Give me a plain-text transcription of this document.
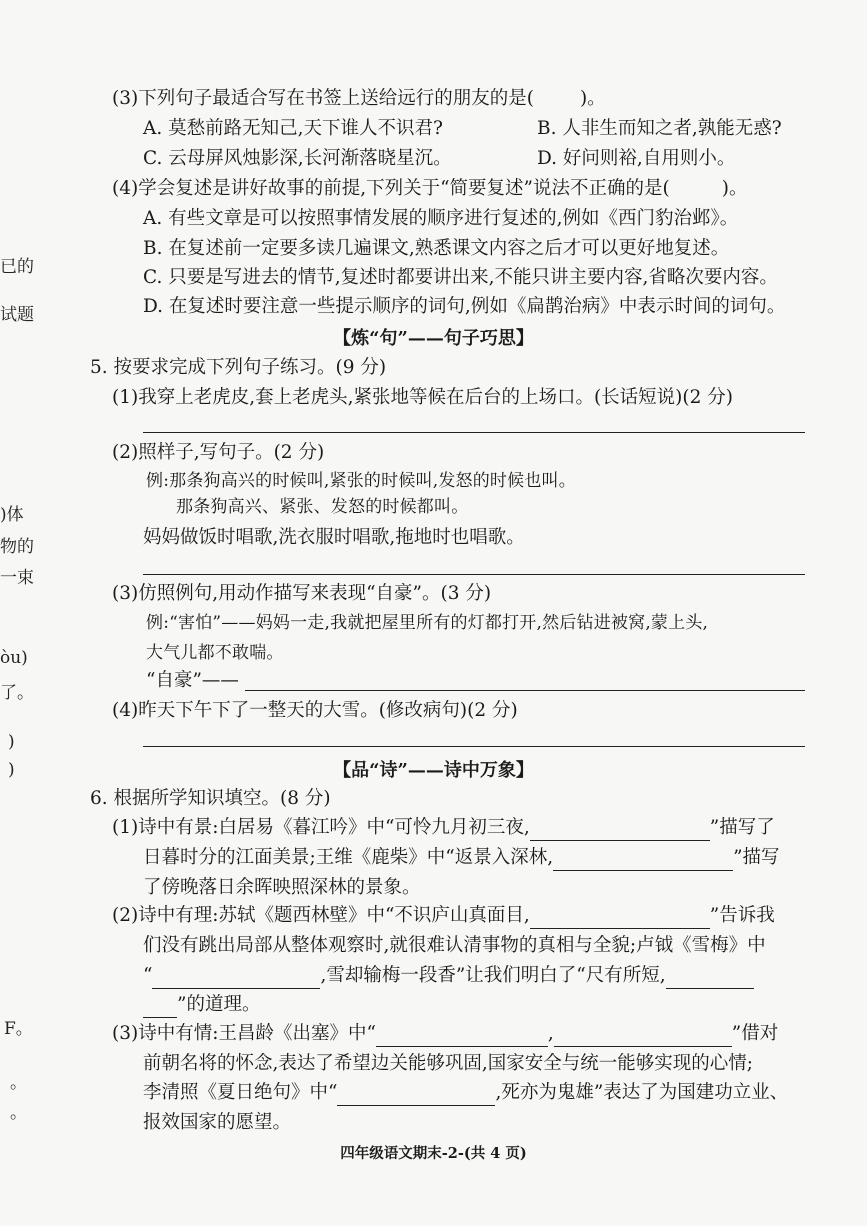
已的
试题
)体
物的
一束
òu)
了。
)
)
F。
。
。
(3)下列句子最适合写在书签上送给远行的朋友的是( )。
A. 莫愁前路无知己,天下谁人不识君?	B. 人非生而知之者,孰能无惑?
C. 云母屏风烛影深,长河渐落晓星沉。	D. 好问则裕,自用则小。
(4)学会复述是讲好故事的前提,下列关于“简要复述”说法不正确的是(	)。
A. 有些文章是可以按照事情发展的顺序进行复述的,例如《西门豹治邺》。
B. 在复述前一定要多读几遍课文,熟悉课文内容之后才可以更好地复述。
C. 只要是写进去的情节,复述时都要讲出来,不能只讲主要内容,省略次要内容。
D. 在复述时要注意一些提示顺序的词句,例如《扁鹊治病》中表示时间的词句。
【炼“句”——句子巧思】
5. 按要求完成下列句子练习。(9 分)
(1)我穿上老虎皮,套上老虎头,紧张地等候在后台的上场口。(长话短说)(2 分)
(2)照样子,写句子。(2 分)
例:那条狗高兴的时候叫,紧张的时候叫,发怒的时候也叫。
那条狗高兴、紧张、发怒的时候都叫。
妈妈做饭时唱歌,洗衣服时唱歌,拖地时也唱歌。
(3)仿照例句,用动作描写来表现“自豪”。(3 分)
例:“害怕”——妈妈一走,我就把屋里所有的灯都打开,然后钻进被窝,蒙上头,
大气儿都不敢喘。
“自豪”——
(4)昨天下午下了一整天的大雪。(修改病句)(2 分)
【品“诗”——诗中万象】
6. 根据所学知识填空。(8 分)
(1)诗中有景:白居易《暮江吟》中“可怜九月初三夜,	”描写了
日暮时分的江面美景;王维《鹿柴》中“返景入深林,	”描写
了傍晚落日余晖映照深林的景象。
(2)诗中有理:苏轼《题西林壁》中“不识庐山真面目,	”告诉我
们没有跳出局部从整体观察时,就很难认清事物的真相与全貌;卢钺《雪梅》中
“	,雪却输梅一段香”让我们明白了“尺有所短,
”的道理。
(3)诗中有情:王昌龄《出塞》中“	,	”借对
前朝名将的怀念,表达了希望边关能够巩固,国家安全与统一能够实现的心情;
李清照《夏日绝句》中“	,死亦为鬼雄”表达了为国建功立业、
报效国家的愿望。
四年级语文期末-2-(共 4 页)
